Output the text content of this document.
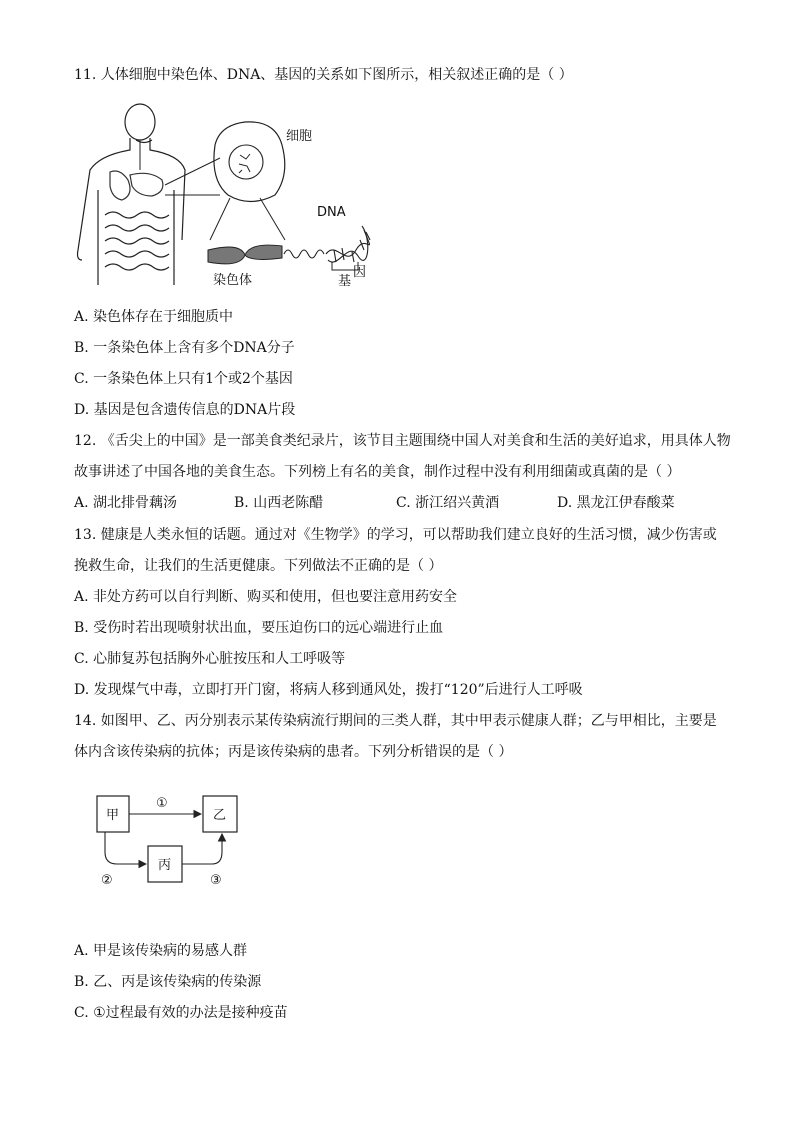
11. 人体细胞中染色体、DNA、基因的关系如下图所示，相关叙述正确的是（ ）
细胞
染色体
DNA
基
因
A. 染色体存在于细胞质中
B. 一条染色体上含有多个DNA分子
C. 一条染色体上只有1个或2个基因
D. 基因是包含遗传信息的DNA片段
12. 《舌尖上的中国》是一部美食类纪录片，该节目主题围绕中国人对美食和生活的美好追求，用具体人物
故事讲述了中国各地的美食生态。下列榜上有名的美食，制作过程中没有利用细菌或真菌的是（ ）
A. 湖北排骨藕汤	B. 山西老陈醋	C. 浙江绍兴黄酒	D. 黑龙江伊春酸菜
13. 健康是人类永恒的话题。通过对《生物学》的学习，可以帮助我们建立良好的生活习惯，减少伤害或
挽救生命，让我们的生活更健康。下列做法不正确的是（ ）
A. 非处方药可以自行判断、购买和使用，但也要注意用药安全
B. 受伤时若出现喷射状出血，要压迫伤口的远心端进行止血
C. 心肺复苏包括胸外心脏按压和人工呼吸等
D. 发现煤气中毒，立即打开门窗，将病人移到通风处，拨打“120”后进行人工呼吸
14. 如图甲、乙、丙分别表示某传染病流行期间的三类人群，其中甲表示健康人群；乙与甲相比，主要是
体内含该传染病的抗体；丙是该传染病的患者。下列分析错误的是（ ）
甲	乙
丙
①
②	③
A. 甲是该传染病的易感人群
B. 乙、丙是该传染病的传染源
C. ①过程最有效的办法是接种疫苗
